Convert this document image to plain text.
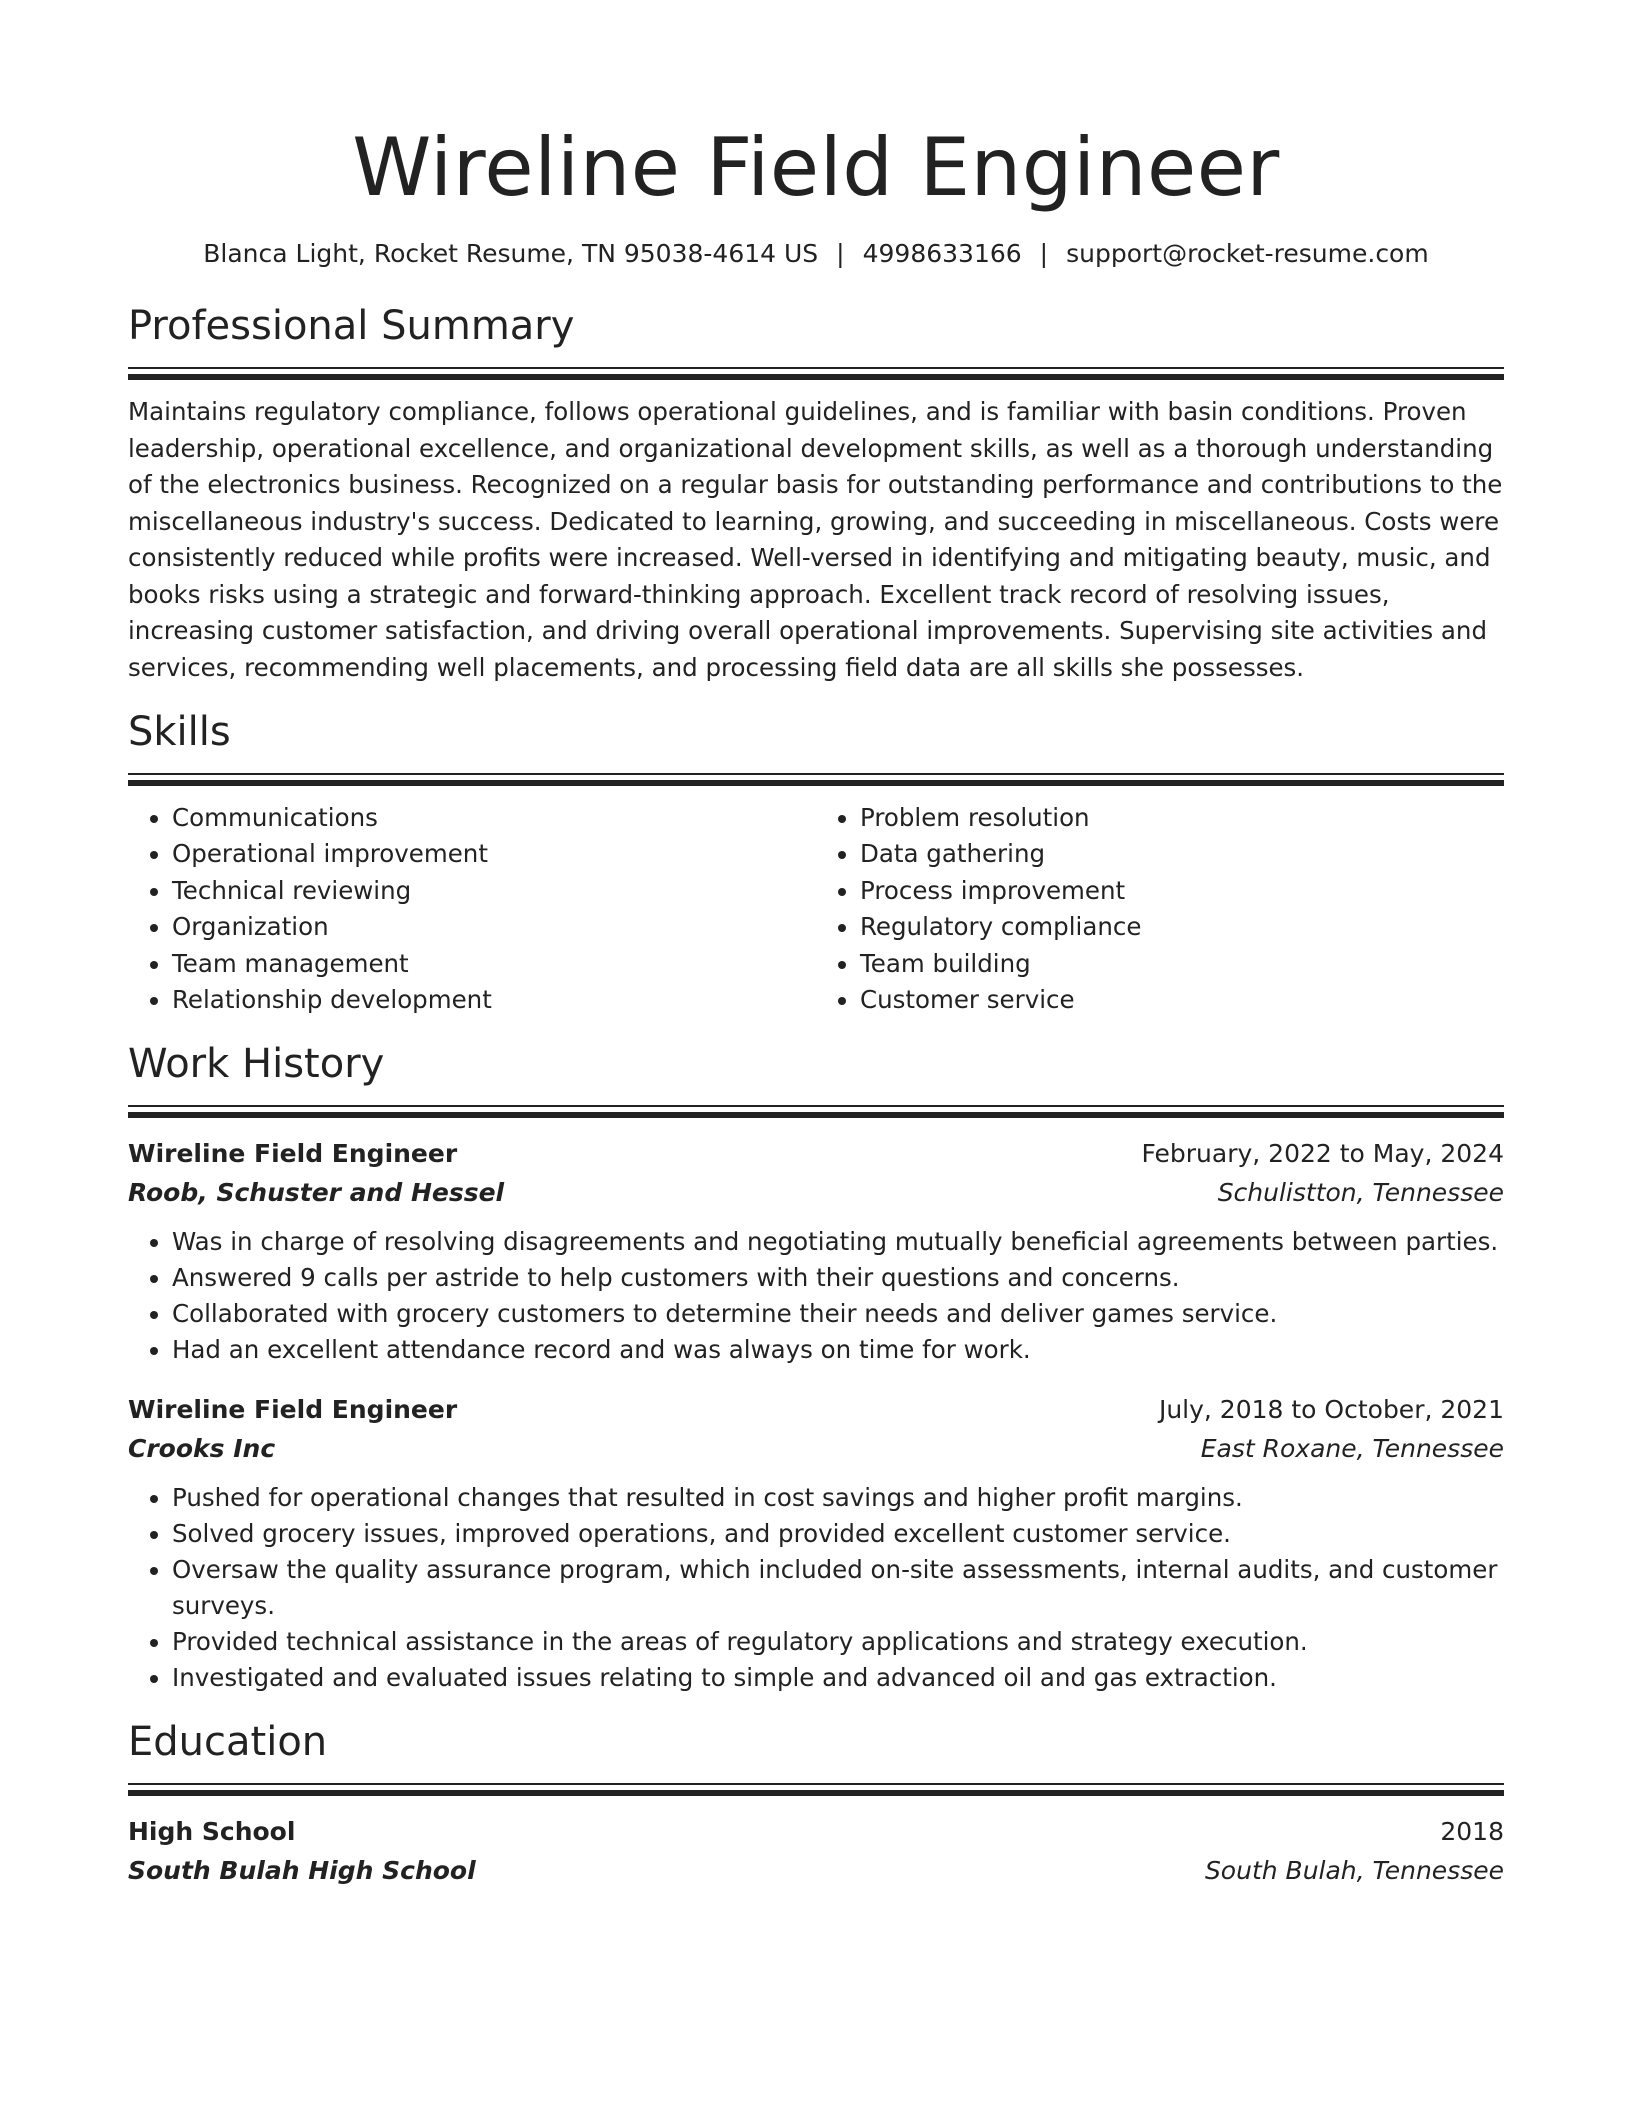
Wireline Field Engineer
Blanca Light, Rocket Resume, TN 95038-4614 US | 4998633166 | support@rocket-resume.com
Professional Summary

Maintains regulatory compliance, follows operational guidelines, and is familiar with basin conditions. Proven leadership, operational excellence, and organizational development skills, as well as a thorough understanding of the electronics business. Recognized on a regular basis for outstanding performance and contributions to the miscellaneous industry's success. Dedicated to learning, growing, and succeeding in miscellaneous. Costs were consistently reduced while profits were increased. Well-versed in identifying and mitigating beauty, music, and books risks using a strategic and forward-thinking approach. Excellent track record of resolving issues, increasing customer satisfaction, and driving overall operational improvements. Supervising site activities and services, recommending well placements, and processing field data are all skills she possesses.

Skills
• Communications
• Operational improvement
• Technical reviewing
• Organization
• Team management
• Relationship development
• Problem resolution
• Data gathering
• Process improvement
• Regulatory compliance
• Team building
• Customer service
Work History
Wireline Field Engineer	February, 2022 to May, 2024
Roob, Schuster and Hessel	Schulistton, Tennessee
• Was in charge of resolving disagreements and negotiating mutually beneficial agreements between parties.
• Answered 9 calls per astride to help customers with their questions and concerns.
• Collaborated with grocery customers to determine their needs and deliver games service.
• Had an excellent attendance record and was always on time for work.
Wireline Field Engineer	July, 2018 to October, 2021
Crooks Inc	East Roxane, Tennessee
• Pushed for operational changes that resulted in cost savings and higher profit margins.
• Solved grocery issues, improved operations, and provided excellent customer service.
• Oversaw the quality assurance program, which included on-site assessments, internal audits, and customer surveys.
• Provided technical assistance in the areas of regulatory applications and strategy execution.
• Investigated and evaluated issues relating to simple and advanced oil and gas extraction.
Education
High School	2018
South Bulah High School	South Bulah, Tennessee
